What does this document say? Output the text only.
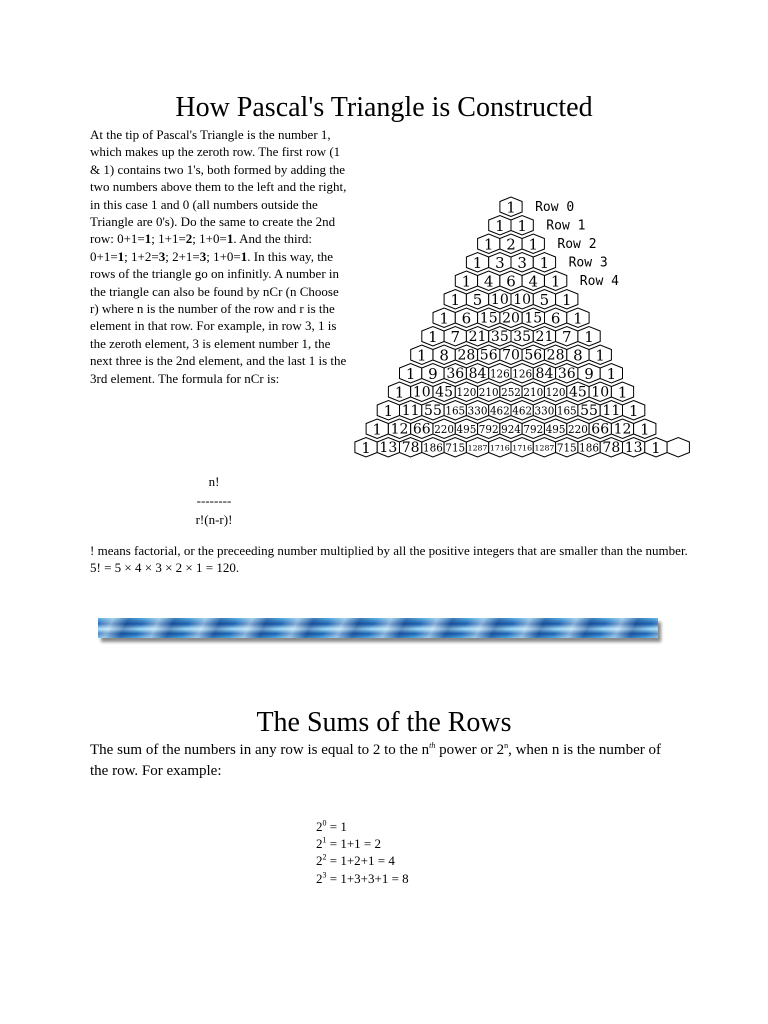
How Pascal's Triangle is Constructed
At the tip of Pascal's Triangle is the number 1, which makes up the zeroth row. The first row (1 & 1) contains two 1's, both formed by adding the two numbers above them to the left and the right, in this case 1 and 0 (all numbers outside the Triangle are 0's). Do the same to create the 2nd row: 0+1=1; 1+1=2; 1+0=1. And the third: 0+1=1; 1+2=3; 2+1=3; 1+0=1. In this way, the rows of the triangle go on infinitly. A number in the triangle can also be found by nCr (n Choose r) where n is the number of the row and r is the element in that row. For example, in row 3, 1 is the zeroth element, 3 is element number 1, the next three is the 2nd element, and the last 1 is the 3rd element. The formula for nCr is:
n!
--------
r!(n-r)!
! means factorial, or the preceeding number multiplied by all the positive integers that are smaller than the number. 5! = 5 × 4 × 3 × 2 × 1 = 120.
1
1 1
1 2 1
1 3 3 1
1 4 6 4 1
1 5 10 10 5 1
1 6 15 20 15 6 1
1 7 21 35 35 21 7 1
1 8 28 56 70 56 28 8 1
1 9 36 84 126 126 84 36 9 1
1 10 45 120 210 252 210 120 45 10 1
1 11 55 165 330 462 462 330 165 55 11 1
1 12 66 220 495 792 924 792 495 220 66 12 1
1 13 78 186 715 1287 1716 1716 1287 715 186 78 13 1
Row 0
Row 1
Row 2
Row 3
Row 4
The Sums of the Rows
The sum of the numbers in any row is equal to 2 to the $n^{th}$ power or 2$^n$, when n is the number of the row. For example:
$2^0 = 1$
$2^1 = 1+1 = 2$
$2^2 = 1+2+1 = 4$
$2^3 = 1+3+3+1 = 8$
